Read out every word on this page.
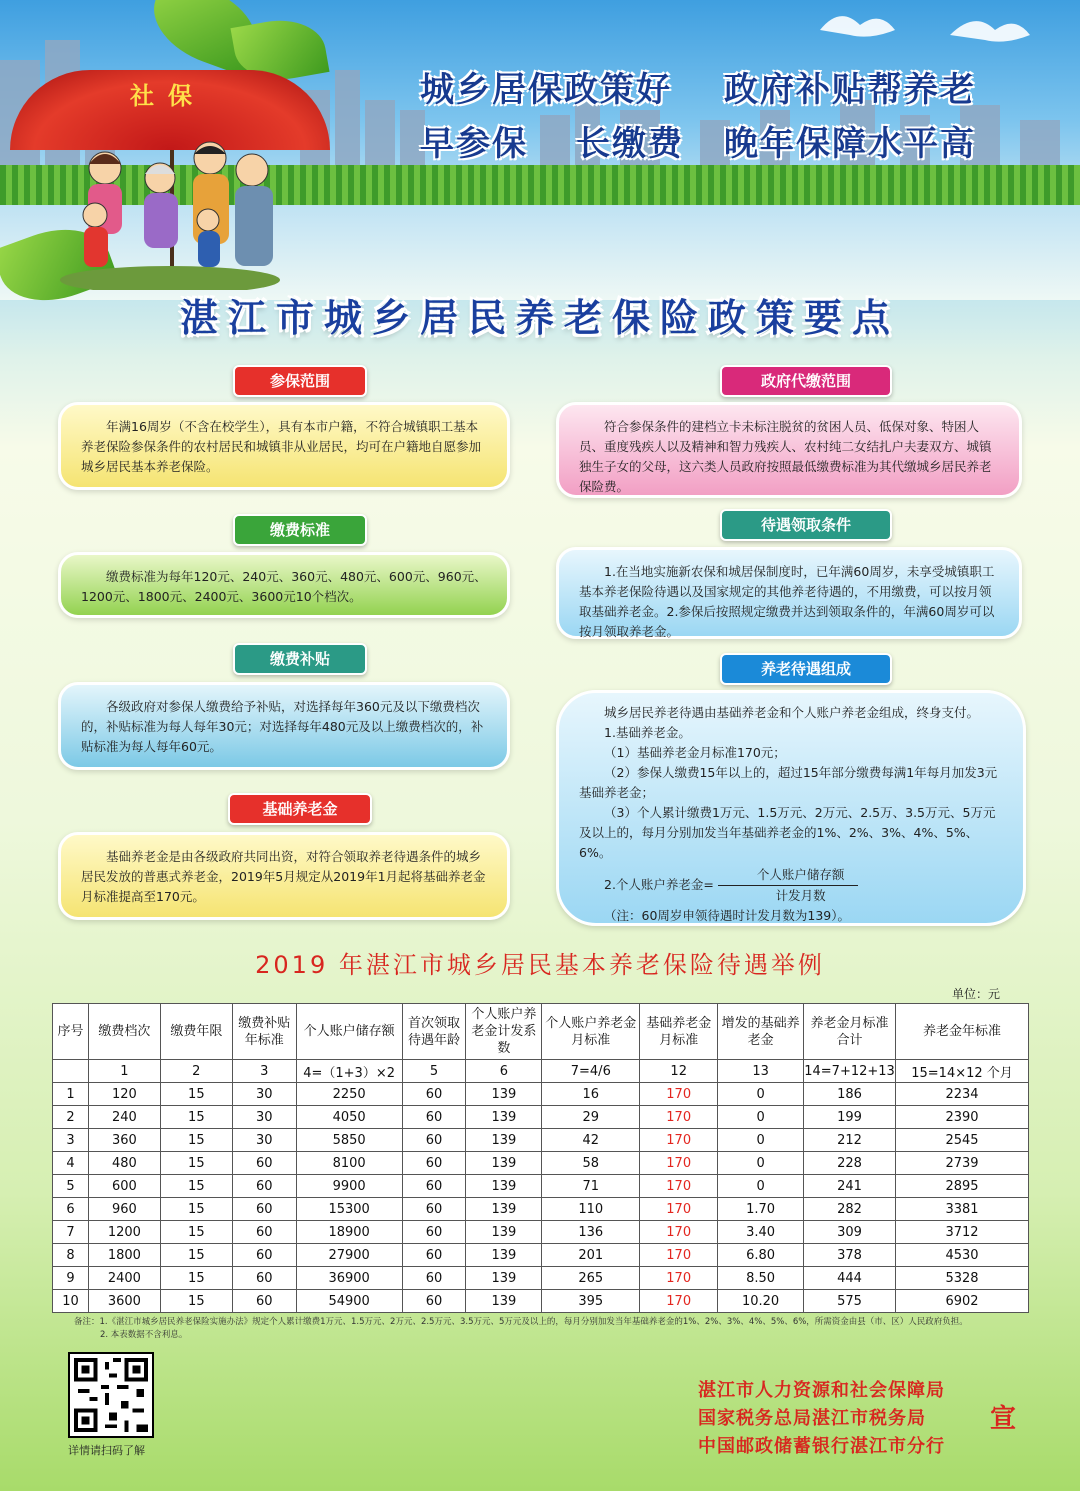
社保	城乡居保政策好 政府补贴帮养老
早参保 长缴费 晚年保障水平高
湛江市城乡居民养老保险政策要点
参保范围

年满16周岁（不含在校学生），具有本市户籍，不符合城镇职工基本养老保险参保条件的农村居民和城镇非从业居民，均可在户籍地自愿参加城乡居民基本养老保险。

缴费标准

缴费标准为每年120元、240元、360元、480元、600元、960元、1200元、1800元、2400元、3600元10个档次。

缴费补贴

各级政府对参保人缴费给予补贴，对选择每年360元及以下缴费档次的，补贴标准为每人每年30元；对选择每年480元及以上缴费档次的，补贴标准为每人每年60元。

基础养老金

基础养老金是由各级政府共同出资，对符合领取养老待遇条件的城乡居民发放的普惠式养老金，2019年5月规定从2019年1月起将基础养老金月标准提高至170元。

政府代缴范围

符合参保条件的建档立卡未标注脱贫的贫困人员、低保对象、特困人员、重度残疾人以及精神和智力残疾人、农村纯二女结扎户夫妻双方、城镇独生子女的父母，这六类人员政府按照最低缴费标准为其代缴城乡居民养老保险费。

待遇领取条件

1.在当地实施新农保和城居保制度时，已年满60周岁，未享受城镇职工基本养老保险待遇以及国家规定的其他养老待遇的，不用缴费，可以按月领取基础养老金。2.参保后按照规定缴费并达到领取条件的，年满60周岁可以按月领取养老金。

养老待遇组成

城乡居民养老待遇由基础养老金和个人账户养老金组成，终身支付。

1.基础养老金。

（1）基础养老金月标准170元；

（2）参保人缴费15年以上的，超过15年部分缴费每满1年每月加发3元基础养老金；

（3）个人累计缴费1万元、1.5万元、2万元、2.5万、3.5万元、5万元及以上的，每月分别加发当年基础养老金的1%、2%、3%、4%、5%、6%。

2.个人账户养老金= $\frac{\text{个人账户储存额}}{\text{计发月数}}$

（注：60周岁申领待遇时计发月数为139）。

2019 年湛江市城乡居民基本养老保险待遇举例
单位：元
序号	缴费档次	缴费年限	缴费补贴年标准	个人账户储存额	首次领取待遇年龄	个人账户养老金计发系数	个人账户养老金月标准	基础养老金月标准	增发的基础养老金	养老金月标准合计	养老金年标准
	1	2	3	4=（1+3）×2	5	6	7=4/6	12	13	14=7+12+13	15=14×12 个月
1	120	15	30	2250	60	139	16	170	0	186	2234
2	240	15	30	4050	60	139	29	170	0	199	2390
3	360	15	30	5850	60	139	42	170	0	212	2545
4	480	15	60	8100	60	139	58	170	0	228	2739
5	600	15	60	9900	60	139	71	170	0	241	2895
6	960	15	60	15300	60	139	110	170	1.70	282	3381
7	1200	15	60	18900	60	139	136	170	3.40	309	3712
8	1800	15	60	27900	60	139	201	170	6.80	378	4530
9	2400	15	60	36900	60	139	265	170	8.50	444	5328
10	3600	15	60	54900	60	139	395	170	10.20	575	6902
备注：1.《湛江市城乡居民养老保险实施办法》规定个人累计缴费1万元、1.5万元、2万元、2.5万元、3.5万元、5万元及以上的，每月分别加发当年基础养老金的1%、2%、3%、4%、5%、6%，所需资金由县（市、区）人民政府负担。
2. 本表数据不含利息。
详情请扫码了解
湛江市人力资源和社会保障局
国家税务总局湛江市税务局
中国邮政储蓄银行湛江市分行
宣
